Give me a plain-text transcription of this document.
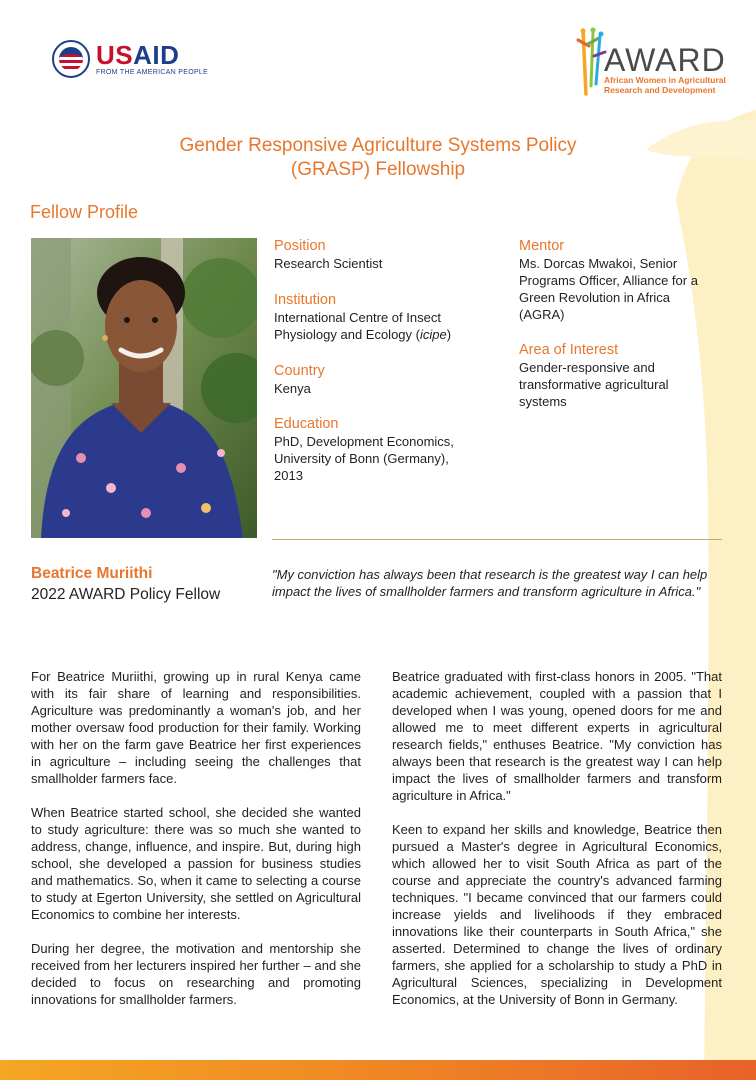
USAID
FROM THE AMERICAN PEOPLE	AWARD
African Women in Agricultural Research and Development
Gender Responsive Agriculture Systems Policy
(GRASP) Fellowship
Fellow Profile
Position
Research Scientist
Institution
International Centre of Insect Physiology and Ecology (icipe)
Country
Kenya
Education
PhD, Development Economics, University of Bonn (Germany), 2013
Mentor
Ms. Dorcas Mwakoi, Senior Programs Officer, Alliance for a Green Revolution in Africa (AGRA)
Area of Interest
Gender-responsive and transformative agricultural systems
Beatrice Muriithi
2022 AWARD Policy Fellow
"My conviction has always been that research is the greatest way I can help impact the lives of smallholder farmers and transform agriculture in Africa."

For Beatrice Muriithi, growing up in rural Kenya came with its fair share of learning and responsibilities. Agriculture was predominantly a woman's job, and her mother oversaw food production for their family. Working with her on the farm gave Beatrice her first experiences in agriculture – including seeing the challenges that smallholder farmers face.

When Beatrice started school, she decided she wanted to study agriculture: there was so much she wanted to address, change, influence, and inspire. But, during high school, she developed a passion for business studies and mathematics. So, when it came to selecting a course to study at Egerton University, she settled on Agricultural Economics to combine her interests.

During her degree, the motivation and mentorship she received from her lecturers inspired her further – and she decided to focus on researching and promoting innovations for smallholder farmers.

Beatrice graduated with first-class honors in 2005. "That academic achievement, coupled with a passion that I developed when I was young, opened doors for me and allowed me to meet different experts in agricultural research fields," enthuses Beatrice. "My conviction has always been that research is the greatest way I can help impact the lives of smallholder farmers and transform agriculture in Africa."

Keen to expand her skills and knowledge, Beatrice then pursued a Master's degree in Agricultural Economics, which allowed her to visit South Africa as part of the course and appreciate the country's advanced farming techniques. "I became convinced that our farmers could increase yields and livelihoods if they embraced innovations like their counterparts in South Africa," she asserted. Determined to change the lives of ordinary farmers, she applied for a scholarship to study a PhD in Agricultural Sciences, specializing in Development Economics, at the University of Bonn in Germany.
